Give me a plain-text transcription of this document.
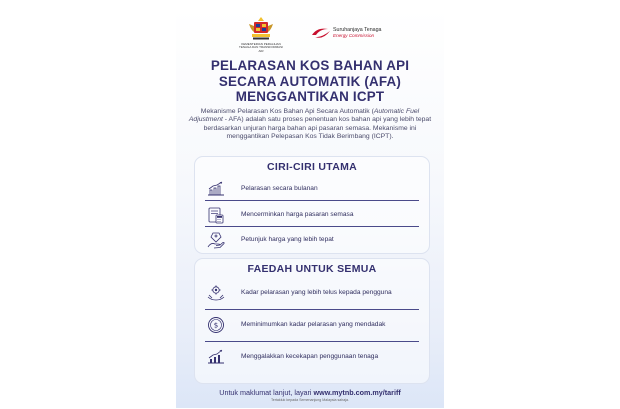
KEMENTERIAN PERALIHAN TENAGA DAN TRANSFORMASI AIR
Suruhanjaya Tenaga
Energy Commission
PELARASAN KOS BAHAN API
SECARA AUTOMATIK (AFA)
MENGGANTIKAN ICPT

Mekanisme Pelarasan Kos Bahan Api Secara Automatik (Automatic Fuel Adjustment - AFA) adalah satu proses penentuan kos bahan api yang lebih tepat berdasarkan unjuran harga bahan api pasaran semasa. Mekanisme ini menggantikan Pelepasan Kos Tidak Berimbang (ICPT).

CIRI-CIRI UTAMA
Pelarasan secara bulanan
Mencerminkan harga pasaran semasa
Petunjuk harga yang lebih tepat
FAEDAH UNTUK SEMUA
Kadar pelarasan yang lebih telus kepada pengguna
$	Meminimumkan kadar pelarasan yang mendadak
Menggalakkan kecekapan penggunaan tenaga
Untuk maklumat lanjut, layari www.mytnb.com.my/tariff
Tertakluk kepada Semenanjung Malaysia sahaja.
